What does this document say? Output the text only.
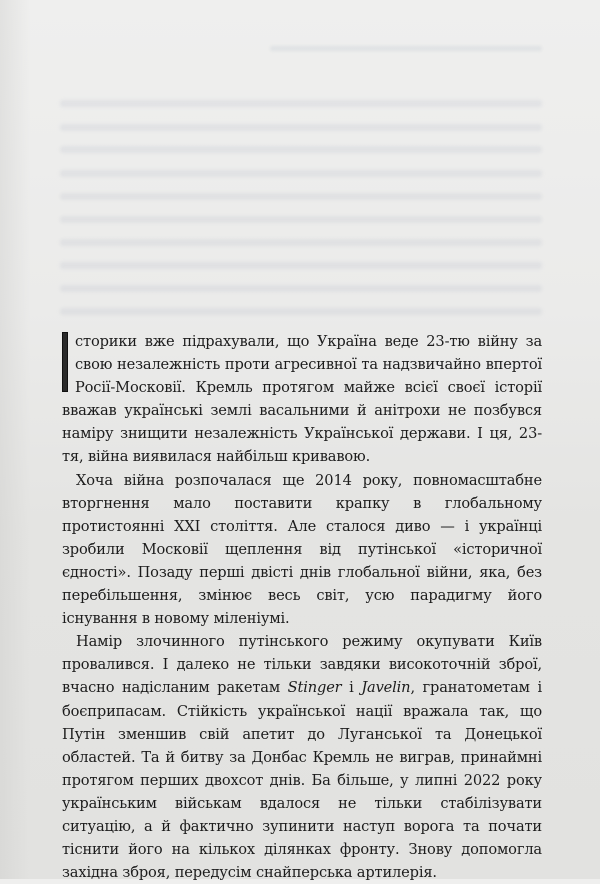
сторики вже підрахували, що Україна веде 23-тю війну за свою незалежність проти агресивної та надзвичайно впертої Росії-Московії. Кремль протягом майже всієї своєї історії вважав українські землі васальними й анітрохи не позбувся наміру знищити незалежність Української держави. І ця, 23-тя, війна виявилася найбільш кривавою.

Хоча війна розпочалася ще 2014 року, повномасштабне вторгнення мало поставити крапку в глобальному протистоянні XXI століття. Але сталося диво — і українці зробили Московії щеплення від путінської «історичної єдності». Позаду перші двісті днів глобальної війни, яка, без перебільшення, змінює весь світ, усю парадигму його існування в новому міленіумі.

Намір злочинного путінського режиму окупувати Київ провалився. І далеко не тільки завдяки високоточній зброї, вчасно надісланим ракетам Stinger і Javelin, гранатометам і боєприпасам. Стійкість української нації вражала так, що Путін зменшив свій апетит до Луганської та Донецької областей. Та й битву за Донбас Кремль не виграв, принаймні протягом перших двохсот днів. Ба більше, у липні 2022 року українським військам вдалося не тільки стабілізувати ситуацію, а й фактично зупинити наступ ворога та почати тіснити його на кількох ділянках фронту. Знову допомогла західна зброя, передусім снайперська артилерія.
